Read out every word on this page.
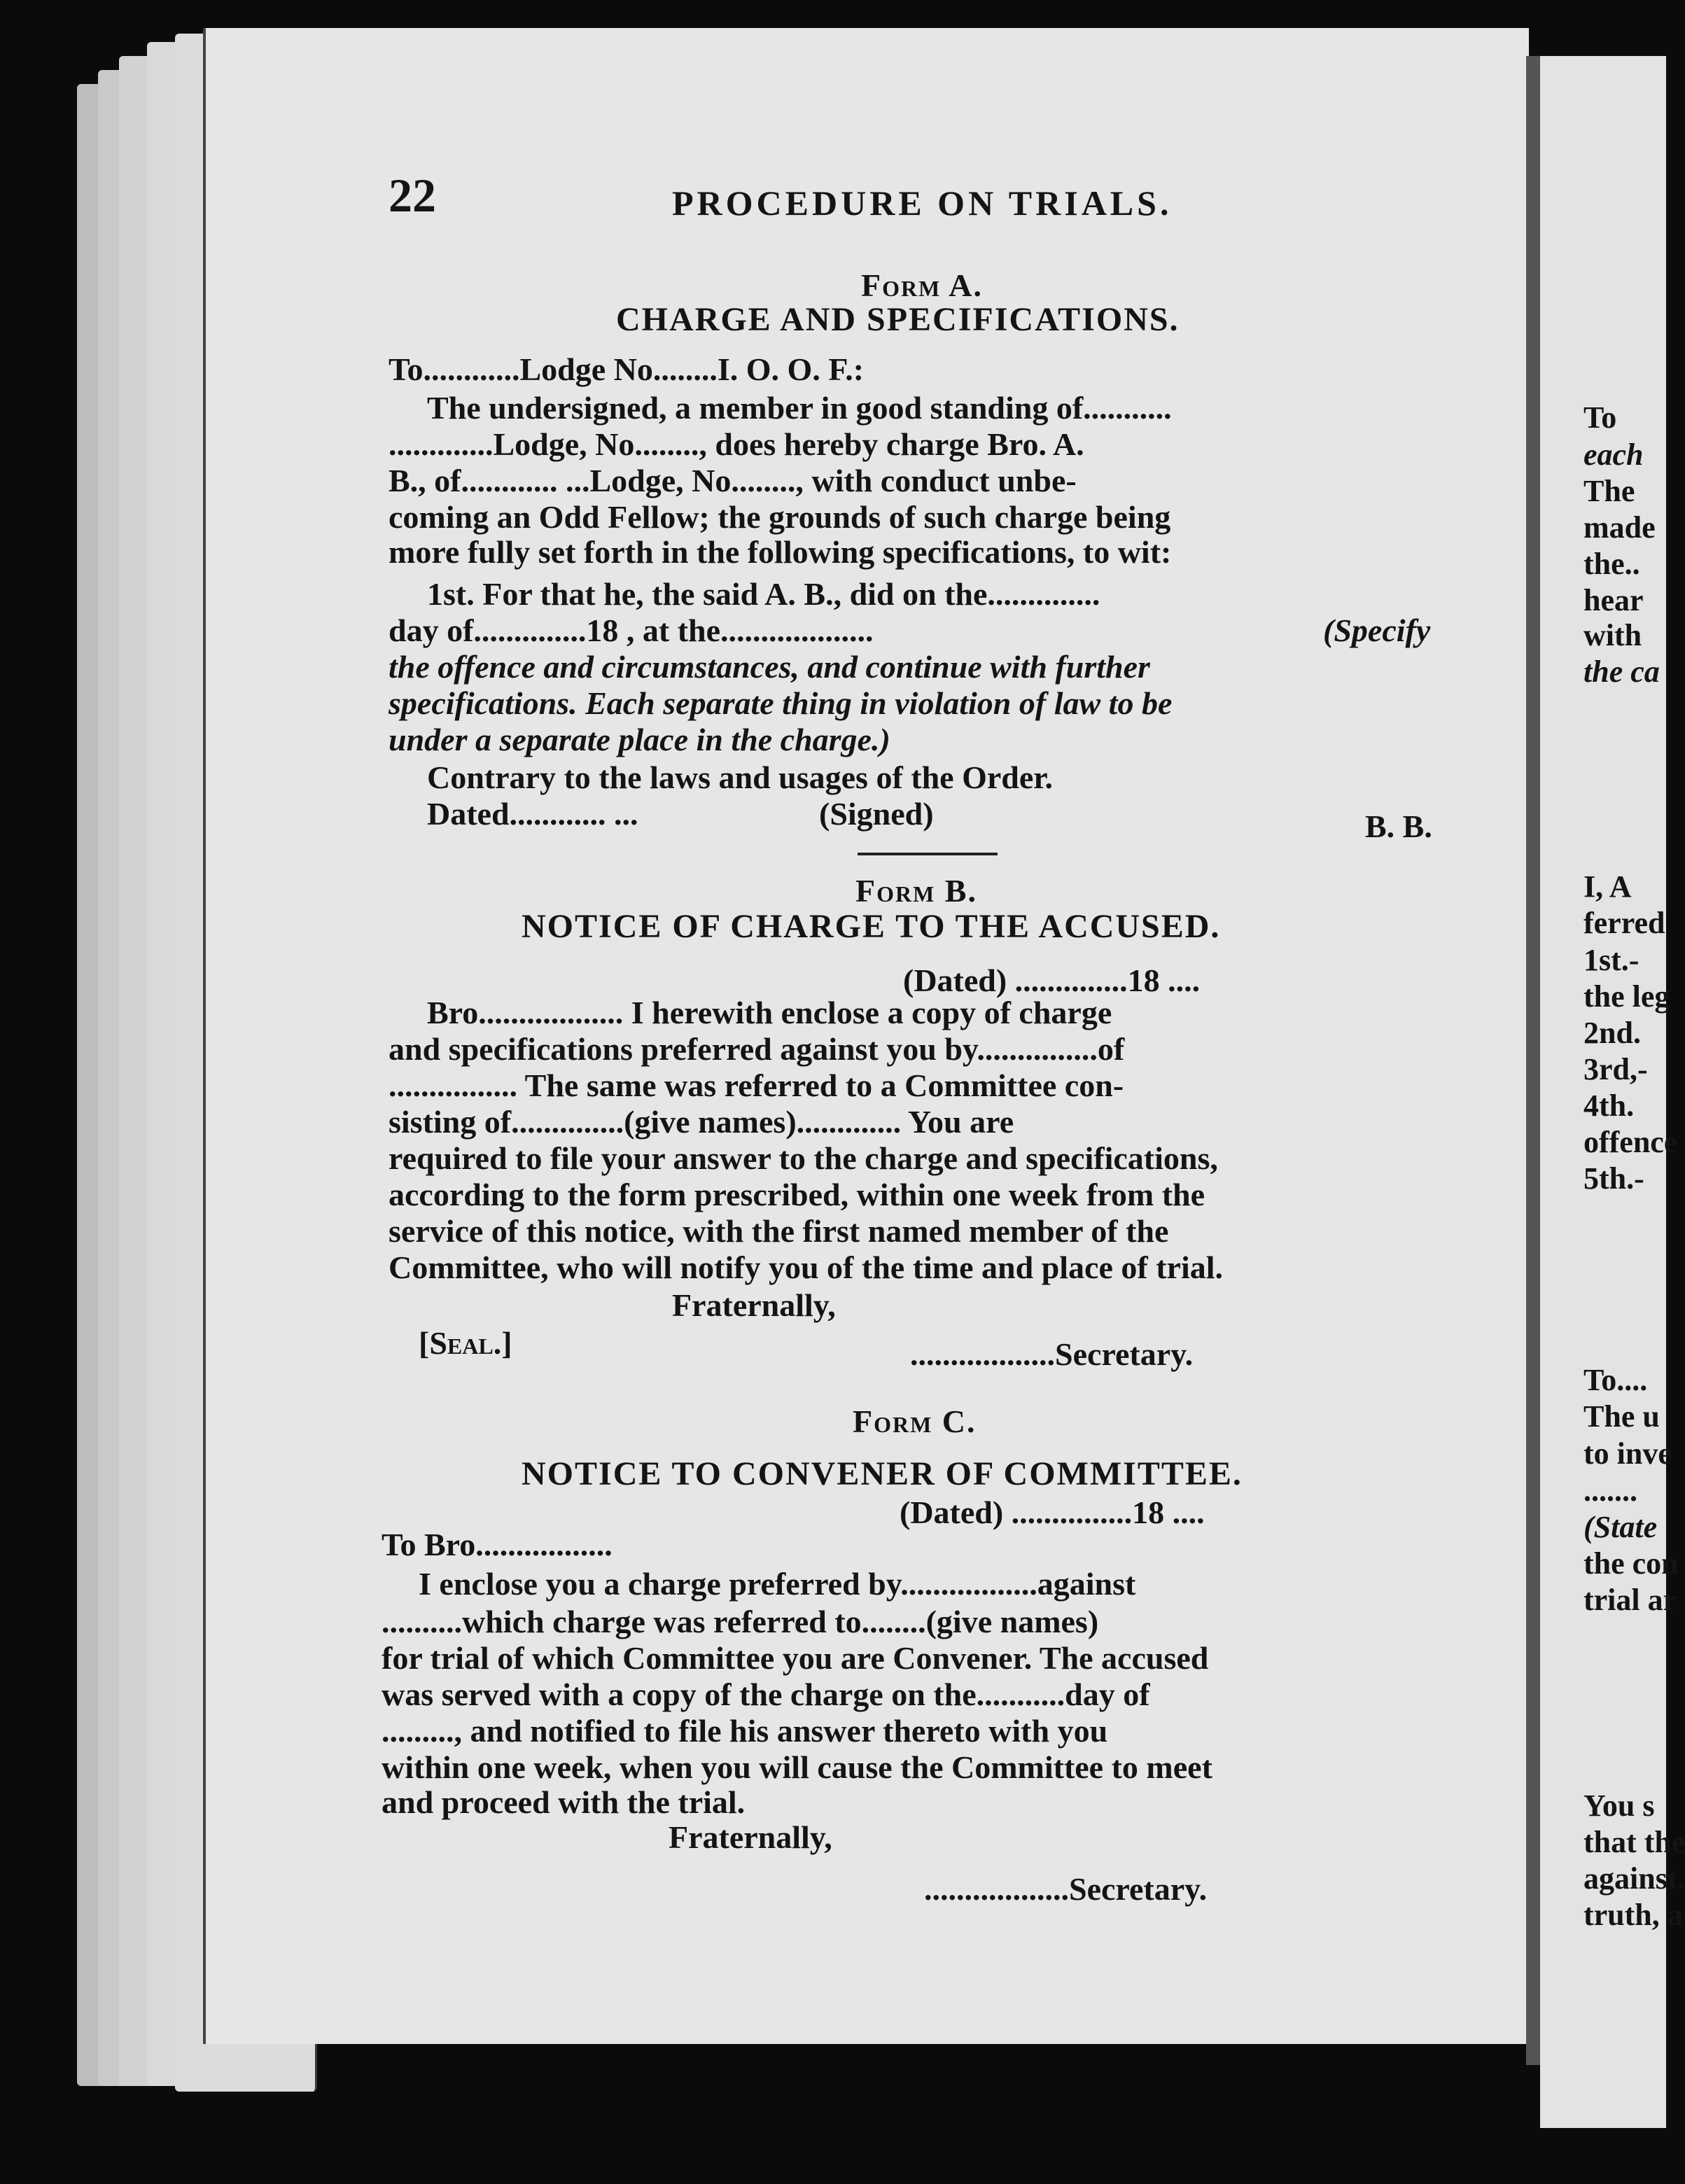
To
each
The
made
the..
hear
with
the ca
I, A
ferred
1st.-
the leg
2nd.
3rd,-
4th.
offence
5th.-
To....
The u
to inve
.......
(State
the con
trial ar
You s
that the
against.
truth, a
22	PROCEDURE ON TRIALS.
Form A.
CHARGE AND SPECIFICATIONS.
To............Lodge No........I. O. O. F.:
The undersigned, a member in good standing of...........
.............Lodge, No........, does hereby charge Bro. A.
B., of............ ...Lodge, No........, with conduct unbe-
coming an Odd Fellow; the grounds of such charge being
more fully set forth in the following specifications, to wit:
1st. For that he, the said A. B., did on the..............
day of..............18 , at the...................	(Specify
the offence and circumstances, and continue with further
specifications. Each separate thing in violation of law to be
under a separate place in the charge.)
Contrary to the laws and usages of the Order.
Dated............ ...	(Signed)	B. B.
Form B.
NOTICE OF CHARGE TO THE ACCUSED.
(Dated) ..............18 ....
Bro.................. I herewith enclose a copy of charge
and specifications preferred against you by...............of
................ The same was referred to a Committee con-
sisting of..............(give names)............. You are
required to file your answer to the charge and specifications,
according to the form prescribed, within one week from the
service of this notice, with the first named member of the
Committee, who will notify you of the time and place of trial.
Fraternally,
[Seal.]	..................Secretary.
Form C.
NOTICE TO CONVENER OF COMMITTEE.
(Dated) ...............18 ....
To Bro.................
I enclose you a charge preferred by.................against
..........which charge was referred to........(give names)
for trial of which Committee you are Convener. The accused
was served with a copy of the charge on the...........day of
........., and notified to file his answer thereto with you
within one week, when you will cause the Committee to meet
and proceed with the trial.
Fraternally,
..................Secretary.
